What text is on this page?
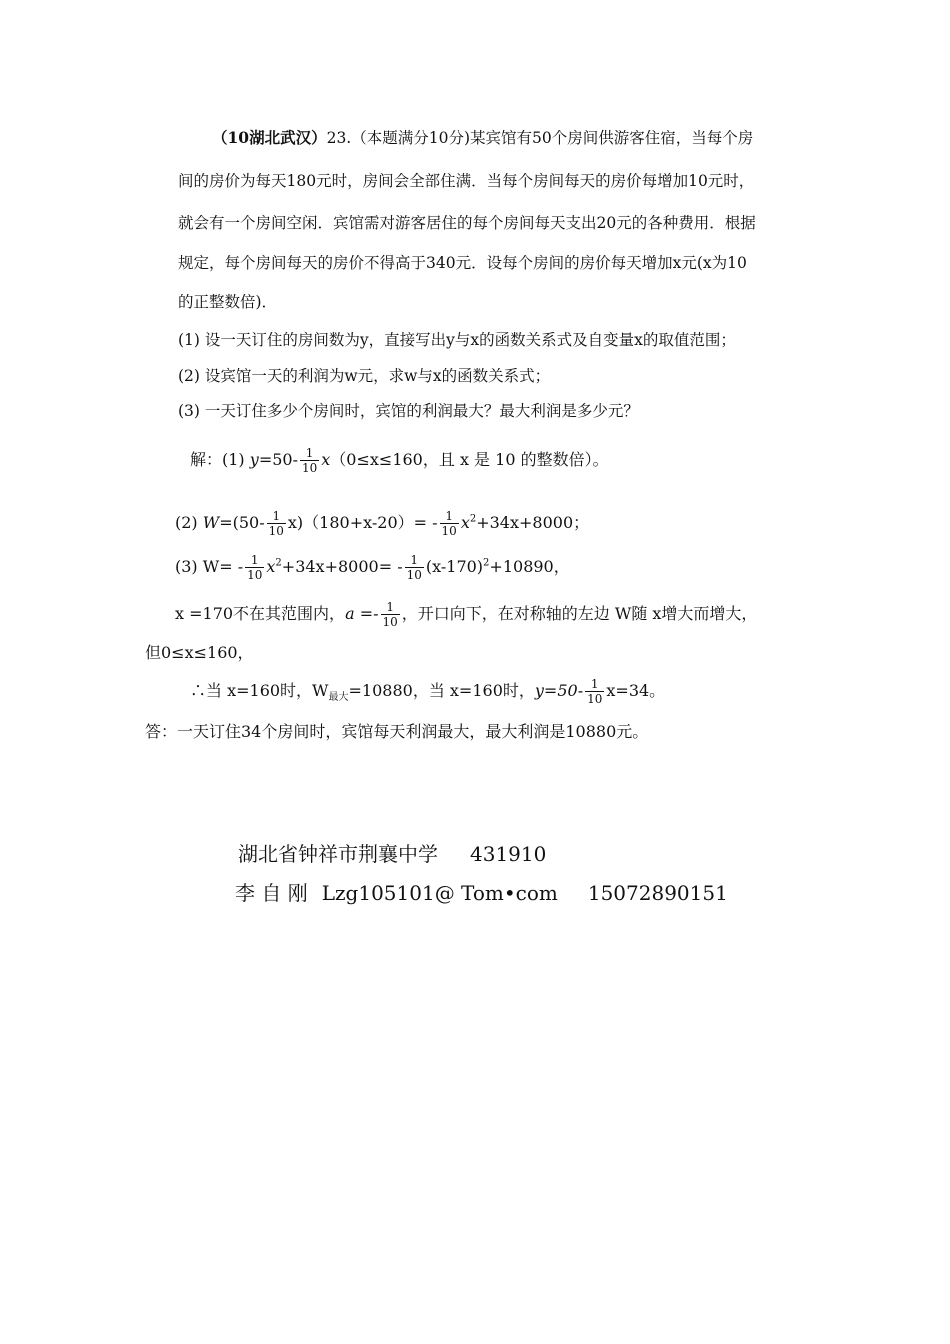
（10湖北武汉）23.（本题满分10分)某宾馆有50个房间供游客住宿，当每个房
间的房价为每天180元时，房间会全部住满．当每个房间每天的房价每增加10元时，
就会有一个房间空闲．宾馆需对游客居住的每个房间每天支出20元的各种费用．根据
规定，每个房间每天的房价不得高于340元．设每个房间的房价每天增加x元(x为10
的正整数倍)．
(1) 设一天订住的房间数为y，直接写出y与x的函数关系式及自变量x的取值范围；
(2) 设宾馆一天的利润为w元，求w与x的函数关系式；
(3) 一天订住多少个房间时，宾馆的利润最大？最大利润是多少元？
解：(1) $y=50- \frac{1}{10} x(0\le x\le 160$，且 x 是 10 的整数倍）。
(2) $W=(50- \frac{1}{10} x)(180+x-20)= - \frac{1}{10} x^2+34x+8000$；
(3) $W= - \frac{1}{10} x^2+34x+8000= - \frac{1}{10} (x-170)^2+10890$，
x =170不在其范围内，$a =- \frac{1}{10}$ ，开口向下，在对称轴的左边 W随 x增大而增大，
但0≤x≤160，
∴当 x=160时，$W_{最大}=10880$，当 x=160时，$y=50- \frac{1}{10} x=34$。
答：一天订住34个房间时，宾馆每天利润最大，最大利润是10880元。
湖北省钟祥市荆襄中学 431910
李 自 刚 Lzg105101@ Tom•com 15072890151
